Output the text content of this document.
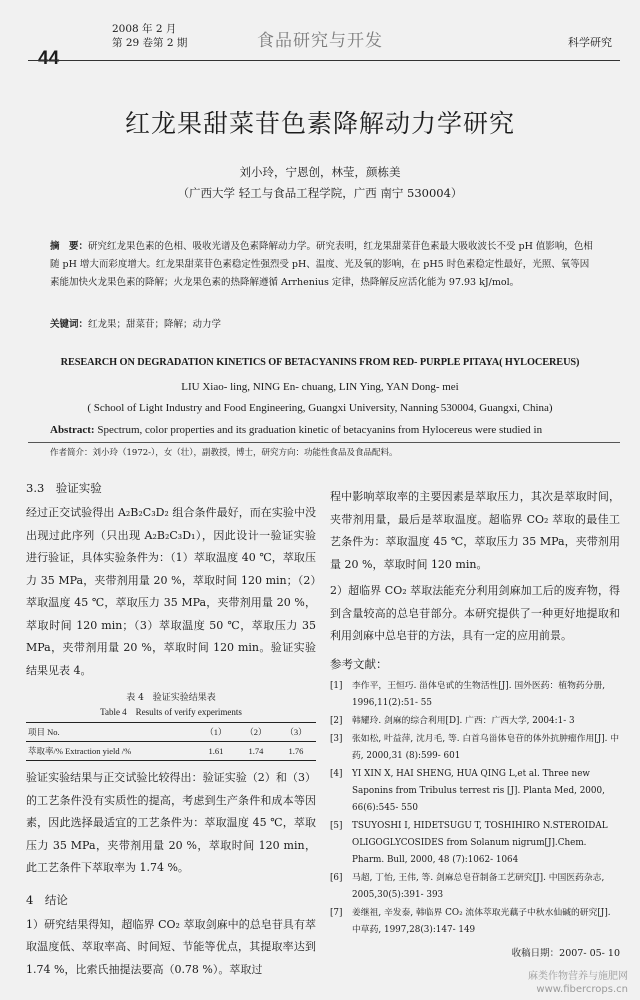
2008 年 2 月
第 29 卷第 2 期
44
食品研究与开发	科学研究
红龙果甜菜苷色素降解动力学研究
刘小玲，宁恩创，林莹，颜栋美
（广西大学 轻工与食品工程学院，广西 南宁 530004）
摘　要：研究红龙果色素的色相、吸收光谱及色素降解动力学。研究表明，红龙果甜菜苷色素最大吸收波长不受 pH 值影响，色相随 pH 增大而彩度增大。红龙果甜菜苷色素稳定性强烈受 pH、温度、光及氧的影响，在 pH5 时色素稳定性最好，光照、氧等因素能加快火龙果色素的降解；火龙果色素的热降解遵循 Arrhenius 定律，热降解反应活化能为 97.93 kJ/mol。
关键词：红龙果；甜菜苷；降解；动力学
RESEARCH ON DEGRADATION KINETICS OF BETACYANINS FROM RED- PURPLE PITAYA( HYLOCEREUS)
LIU Xiao- ling, NING En- chuang, LIN Ying, YAN Dong- mei
( School of Light Industry and Food Engineering, Guangxi University, Nanning 530004, Guangxi, China)
Abstract: Spectrum, color properties and its graduation kinetic of betacyanins from Hylocereus were studied in
作者简介：刘小玲（1972-），女（壮），副教授，博士，研究方向：功能性食品及食品配料。
3.3　验证实验

经过正交试验得出 A₂B₂C₃D₂ 组合条件最好，而在实验中没出现过此序列（只出现 A₂B₂C₃D₁），因此设计一验证实验进行验证，具体实验条件为：（1）萃取温度 40 ℃，萃取压力 35 MPa，夹带剂用量 20 %，萃取时间 120 min；（2）萃取温度 45 ℃，萃取压力 35 MPa，夹带剂用量 20 %，萃取时间 120 min；（3）萃取温度 50 ℃，萃取压力 35 MPa，夹带剂用量 20 %，萃取时间 120 min。验证实验结果见表 4。

表 4　验证实验结果表
Table 4　Results of verify experiments
项目 No.	（1）	（2）	（3）
萃取率/% Extraction yield /%	1.61	1.74	1.76

验证实验结果与正交试验比较得出：验证实验（2）和（3）的工艺条件没有实质性的提高，考虑到生产条件和成本等因素，因此选择最适宜的工艺条件为：萃取温度 45 ℃，萃取压力 35 MPa，夹带剂用量 20 %，萃取时间 120 min，此工艺条件下萃取率为 1.74 %。

4　结论

1）研究结果得知，超临界 CO₂ 萃取剑麻中的总皂苷具有萃取温度低、萃取率高、时间短、节能等优点，其提取率达到 1.74 %，比索氏抽提法要高（0.78 %）。萃取过

程中影响萃取率的主要因素是萃取压力，其次是萃取时间，夹带剂用量，最后是萃取温度。超临界 CO₂ 萃取的最佳工艺条件为：萃取温度 45 ℃，萃取压力 35 MPa，夹带剂用量 20 %，萃取时间 120 min。

2）超临界 CO₂ 萃取法能充分利用剑麻加工后的废弃物，得到含量较高的总皂苷部分。本研究提供了一种更好地提取和利用剑麻中总皂苷的方法，具有一定的应用前景。

参考文献：
[1]	李作平，王恒巧. 甾体皂甙的生物活性[J]. 国外医药：植物药分册, 1996,11(2):51- 55
[2]	韩耀玲. 剑麻的综合利用[D]. 广西：广西大学, 2004:1- 3
[3]	张如松, 叶益萍, 沈月毛, 等. 白首乌甾体皂苷的体外抗肿瘤作用[J]. 中药, 2000,31 (8):599- 601
[4]	YI XIN X, HAI SHENG, HUA QING L,et al. Three new Saponins from Tribulus terrest ris [J]. Planta Med, 2000, 66(6):545- 550
[5]	TSUYOSHI I, HIDETSUGU T, TOSHIHIRO N.STEROIDAL OLIGOGLYCOSIDES from Solanum nigrum[J].Chem. Pharm. Bull, 2000, 48 (7):1062- 1064
[6]	马超, 丁怡, 王伟, 等. 剑麻总皂苷制备工艺研究[J]. 中国医药杂志, 2005,30(5):391- 393
[7]	姜继祖, 辛发泰, 韩临界 CO₂ 流体萃取光藕子中秋水仙碱的研究[J]. 中草药, 1997,28(3):147- 149
收稿日期：2007- 05- 10
麻类作物营养与施肥网
www.fibercrops.cn
